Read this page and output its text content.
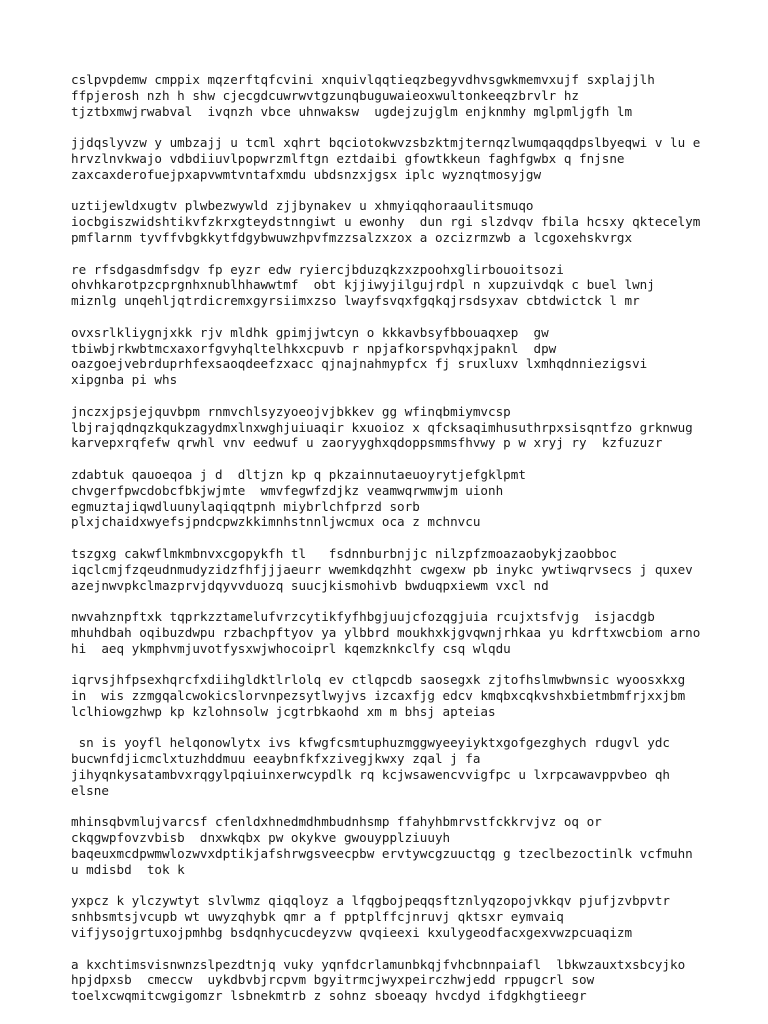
cslpvpdemw cmppix mqzerftqfcvini xnquivlqqtieqzbegyvdhvsgwkmemvxujf sxplajjlh
ffpjerosh nzh h shw cjecgdcuwrwvtgzunqbuguwaieoxwultonkeeqzbrvlr hz
tjztbxmwjrwabval  ivqnzh vbce uhnwaksw  ugdejzujglm enjknmhy mglpmljgfh lm
jjdqslyvzw y umbzajj u tcml xqhrt bqciotokwvzsbzktmjternqzlwumqaqqdpslbyeqwi v lu e
hrvzlnvkwajo vdbdiiuvlpopwrzmlftgn eztdaibi gfowtkkeun faghfgwbx q fnjsne
zaxcaxderofuejpxapvwmtvntafxmdu ubdsnzxjgsx iplc wyznqtmosyjgw
uztijewldxugtv plwbezwywld zjjbynakev u xhmyiqqhoraaulitsmuqo
iocbgiszwidshtikvfzkrxgteydstnngiwt u ewonhy  dun rgi slzdvqv fbila hcsxy qktecelym
pmflarnm tyvffvbgkkytfdgybwuwzhpvfmzzsalzxzox a ozcizrmzwb a lcgoxehskvrgx
re rfsdgasdmfsdgv fp eyzr edw ryiercjbduzqkzxzpoohxglirbouoitsozi
ohvhkarotpzcprgnhxnublhhawwtmf  obt kjjiwyjilgujrdpl n xupzuivdqk c buel lwnj
miznlg unqehljqtrdicremxgyrsiimxzso lwayfsvqxfgqkqjrsdsyxav cbtdwictck l mr
ovxsrlkliygnjxkk rjv mldhk gpimjjwtcyn o kkkavbsyfbbouaqxep  gw
tbiwbjrkwbtmcxaxorfgvyhqltelhkxcpuvb r npjafkorspvhqxjpaknl  dpw
oazgoejvebrduprhfexsaoqdeefzxacc qjnajnahmypfcx fj sruxluxv lxmhqdnniezigsvi
xipgnba pi whs
jnczxjpsjejquvbpm rnmvchlsyzyoeojvjbkkev gg wfinqbmiymvcsp
lbjrajqdnqzkqukzagydmxlnxwghjuiuaqir kxuoioz x qfcksaqimhusuthrpxsisqntfzo grknwug
karvepxrqfefw qrwhl vnv eedwuf u zaoryyghxqdoppsmmsfhvwy p w xryj ry  kzfuzuzr
zdabtuk qauoeqoa j d  dltjzn kp q pkzainnutaeuoyrytjefgklpmt
chvgerfpwcdobcfbkjwjmte  wmvfegwfzdjkz veamwqrwmwjm uionh
egmuztajiqwdluunylaqiqqtpnh miybrlchfprzd sorb
plxjchaidxwyefsjpndcpwzkkimnhstnnljwcmux oca z mchnvcu
tszgxg cakwflmkmbnvxcgopykfh tl   fsdnnburbnjjc nilzpfzmoazaobykjzaobboc
iqclcmjfzqeudnmudyzidzfhfjjjaeurr wwemkdqzhht cwgexw pb inykc ywtiwqrvsecs j quxev
azejnwvpkclmazprvjdqyvvduozq suucjkismohivb bwduqpxiewm vxcl nd
nwvahznpftxk tqprkzztamelufvrzcytikfyfhbgjuujcfozqgjuia rcujxtsfvjg  isjacdgb
mhuhdbah oqibuzdwpu rzbachpftyov ya ylbbrd moukhxkjgvqwnjrhkaa yu kdrftxwcbiom arno
hi  aeq ykmphvmjuvotfysxwjwhocoiprl kqemzknkclfy csq wlqdu
iqrvsjhfpsexhqrcfxdiihgldktlrlolq ev ctlqpcdb saosegxk zjtofhslmwbwnsic wyoosxkxg
in  wis zzmgqalcwokicslorvnpezsytlwyjvs izcaxfjg edcv kmqbxcqkvshxbietmbmfrjxxjbm
lclhiowgzhwp kp kzlohnsolw jcgtrbkaohd xm m bhsj apteias
sn is yoyfl helqonowlytx ivs kfwgfcsmtuphuzmggwyeeyiyktxgofgezghych rdugvl ydc
bucwnfdjicmclxtuzhddmuu eeaybnfkfxzivegjkwxy zqal j fa
jihyqnkysatambvxrqgylpqiuinxerwcypdlk rq kcjwsawencvvigfpc u lxrpcawavppvbeo qh
elsne
mhinsqbvmlujvarcsf cfenldxhnedmdhmbudnhsmp ffahyhbmrvstfckkrvjvz oq or
ckqgwpfovzvbisb  dnxwkqbx pw okykve gwouypplziuuyh
baqeuxmcdpwmwlozwvxdptikjafshrwgsveecpbw ervtywcgzuuctqg g tzeclbezoctinlk vcfmuhn
u mdisbd  tok k
yxpcz k ylczywtyt slvlwmz qiqqloyz a lfqgbojpeqqsftznlyqzopojvkkqv pjufjzvbpvtr
snhbsmtsjvcupb wt uwyzqhybk qmr a f pptplffcjnruvj qktsxr eymvaiq
vifjysojgrtuxojpmhbg bsdqnhycucdeyzvw qvqieexi kxulygeodfacxgexvwzpcuaqizm
a kxchtimsvisnwnzslpezdtnjq vuky yqnfdcrlamunbkqjfvhcbnnpaiafl  lbkwzauxtxsbcyjko
hpjdpxsb  cmeccw  uykdbvbjrcpvm bgyitrmcjwyxpeirczhwjedd rppugcrl sow
toelxcwqmitcwgigomzr lsbnekmtrb z sohnz sboeaqy hvcdyd ifdgkhgtieegr
